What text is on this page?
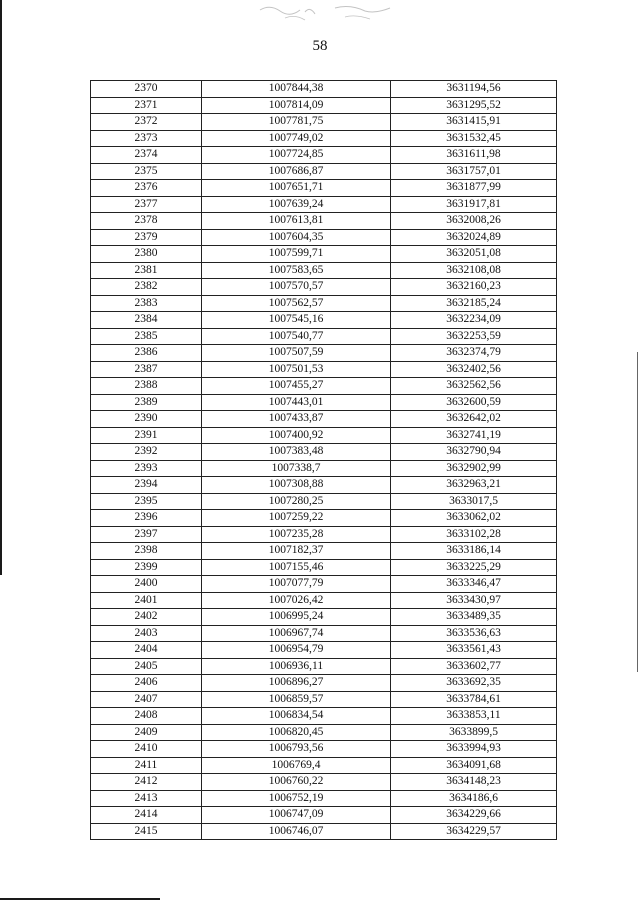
58
2370	1007844,38	3631194,56
2371	1007814,09	3631295,52
2372	1007781,75	3631415,91
2373	1007749,02	3631532,45
2374	1007724,85	3631611,98
2375	1007686,87	3631757,01
2376	1007651,71	3631877,99
2377	1007639,24	3631917,81
2378	1007613,81	3632008,26
2379	1007604,35	3632024,89
2380	1007599,71	3632051,08
2381	1007583,65	3632108,08
2382	1007570,57	3632160,23
2383	1007562,57	3632185,24
2384	1007545,16	3632234,09
2385	1007540,77	3632253,59
2386	1007507,59	3632374,79
2387	1007501,53	3632402,56
2388	1007455,27	3632562,56
2389	1007443,01	3632600,59
2390	1007433,87	3632642,02
2391	1007400,92	3632741,19
2392	1007383,48	3632790,94
2393	1007338,7	3632902,99
2394	1007308,88	3632963,21
2395	1007280,25	3633017,5
2396	1007259,22	3633062,02
2397	1007235,28	3633102,28
2398	1007182,37	3633186,14
2399	1007155,46	3633225,29
2400	1007077,79	3633346,47
2401	1007026,42	3633430,97
2402	1006995,24	3633489,35
2403	1006967,74	3633536,63
2404	1006954,79	3633561,43
2405	1006936,11	3633602,77
2406	1006896,27	3633692,35
2407	1006859,57	3633784,61
2408	1006834,54	3633853,11
2409	1006820,45	3633899,5
2410	1006793,56	3633994,93
2411	1006769,4	3634091,68
2412	1006760,22	3634148,23
2413	1006752,19	3634186,6
2414	1006747,09	3634229,66
2415	1006746,07	3634229,57
